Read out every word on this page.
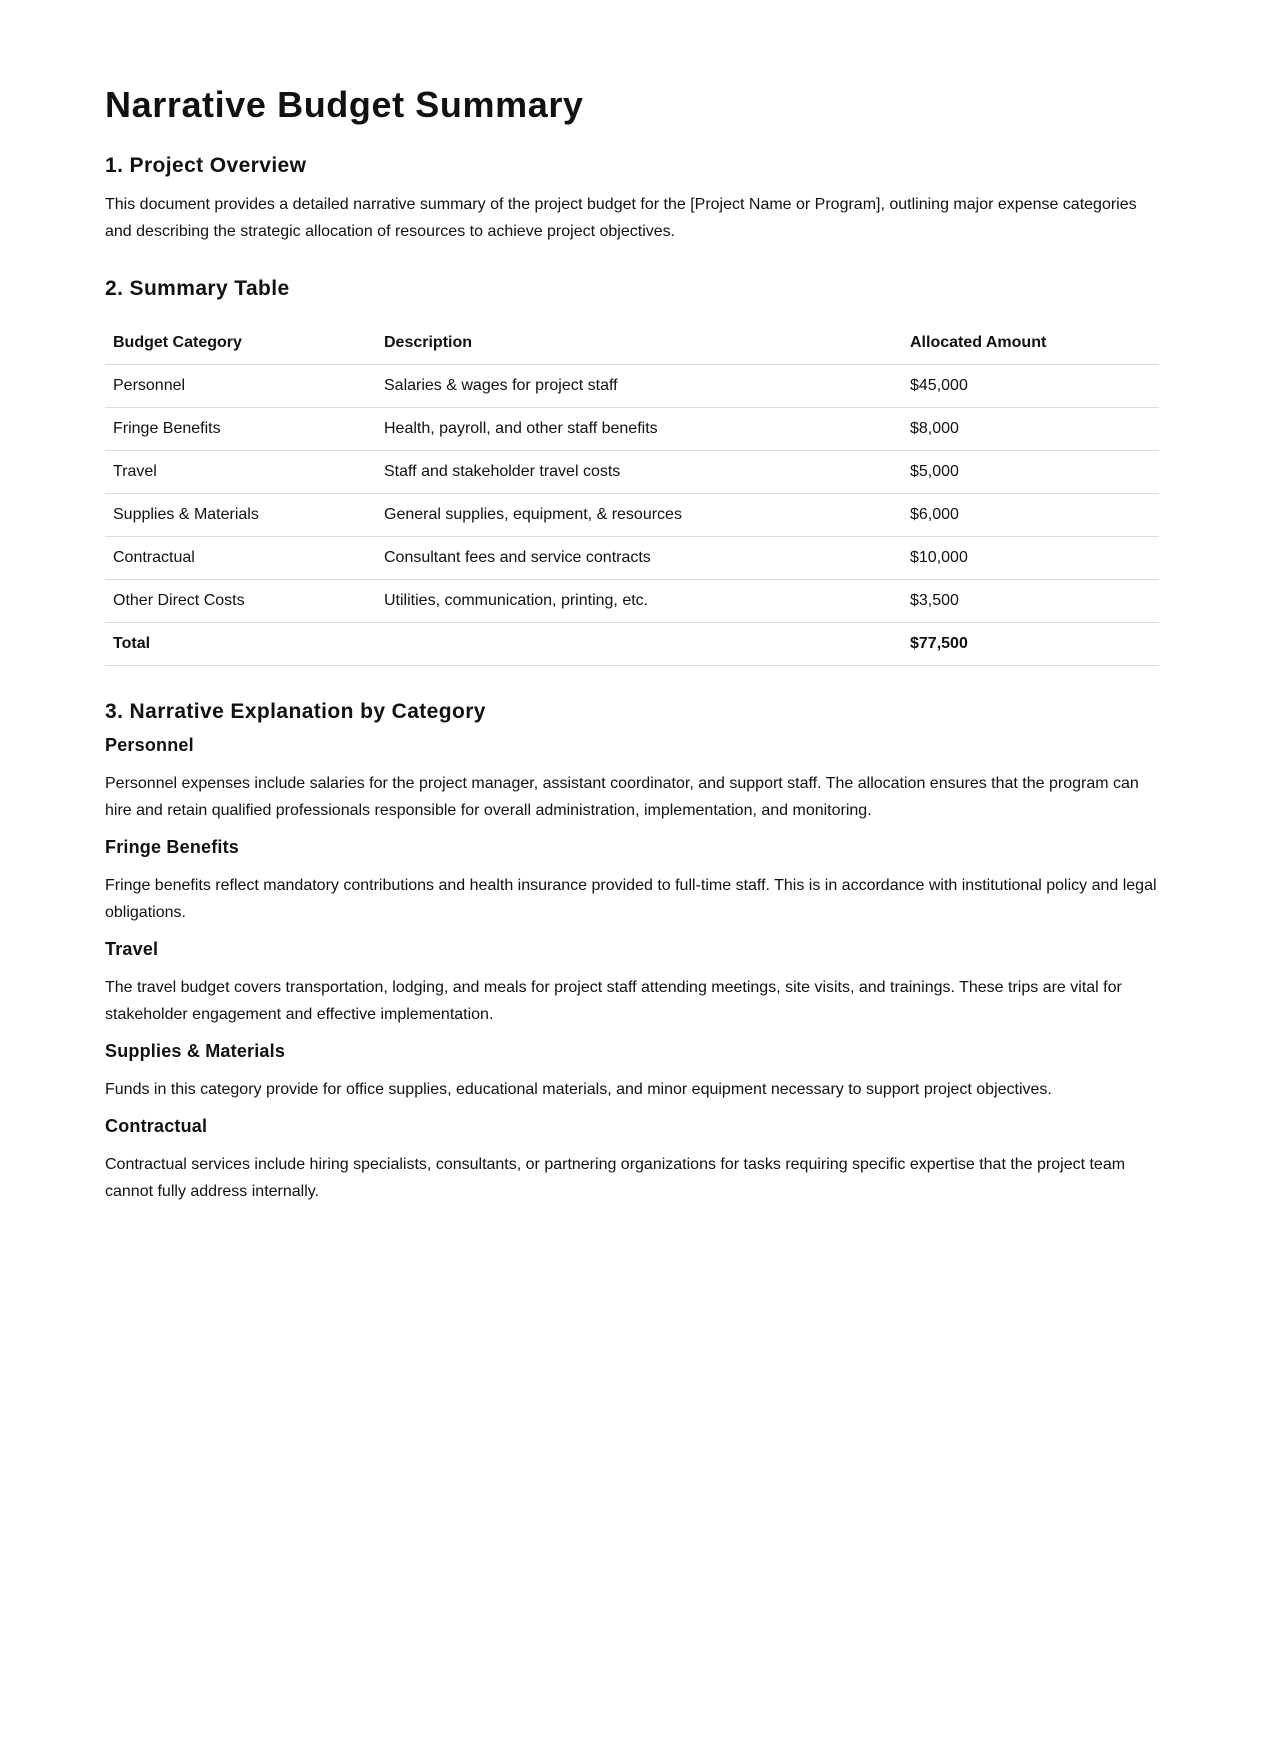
Narrative Budget Summary
1. Project Overview

This document provides a detailed narrative summary of the project budget for the [Project Name or Program], outlining major expense categories and describing the strategic allocation of resources to achieve project objectives.

2. Summary Table
Budget Category	Description	Allocated Amount
Personnel	Salaries & wages for project staff	$45,000
Fringe Benefits	Health, payroll, and other staff benefits	$8,000
Travel	Staff and stakeholder travel costs	$5,000
Supplies & Materials	General supplies, equipment, & resources	$6,000
Contractual	Consultant fees and service contracts	$10,000
Other Direct Costs	Utilities, communication, printing, etc.	$3,500
Total		$77,500
3. Narrative Explanation by Category
Personnel

Personnel expenses include salaries for the project manager, assistant coordinator, and support staff. The allocation ensures that the program can hire and retain qualified professionals responsible for overall administration, implementation, and monitoring.

Fringe Benefits

Fringe benefits reflect mandatory contributions and health insurance provided to full-time staff. This is in accordance with institutional policy and legal obligations.

Travel

The travel budget covers transportation, lodging, and meals for project staff attending meetings, site visits, and trainings. These trips are vital for stakeholder engagement and effective implementation.

Supplies & Materials

Funds in this category provide for office supplies, educational materials, and minor equipment necessary to support project objectives.

Contractual

Contractual services include hiring specialists, consultants, or partnering organizations for tasks requiring specific expertise that the project team cannot fully address internally.
